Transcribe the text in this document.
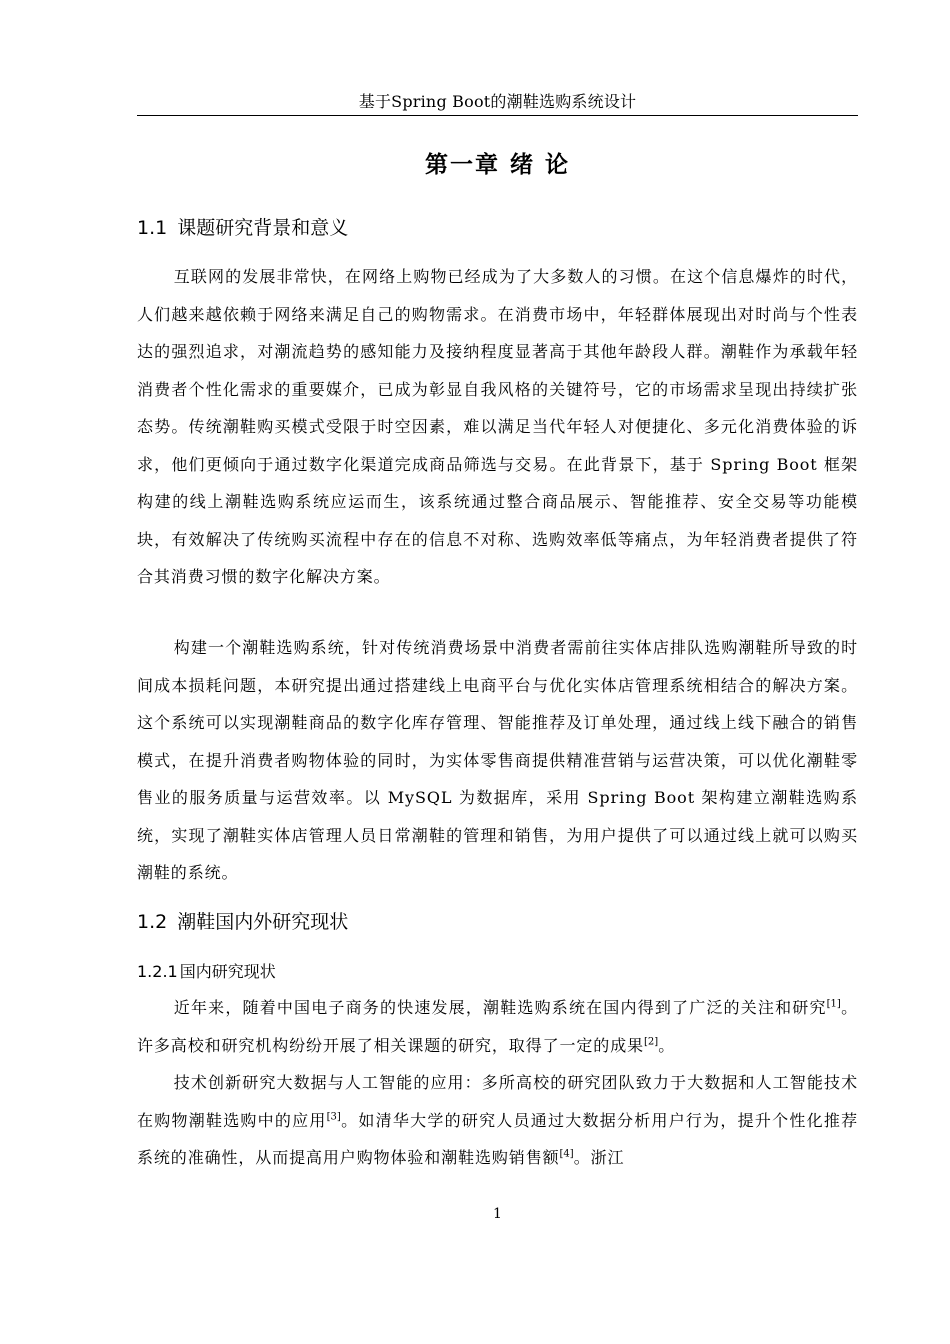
基于Spring Boot的潮鞋选购系统设计
第一章 绪 论
1.1 课题研究背景和意义

互联网的发展非常快，在网络上购物已经成为了大多数人的习惯。在这个信息爆炸的时代，人们越来越依赖于网络来满足自己的购物需求。在消费市场中，年轻群体展现出对时尚与个性表达的强烈追求，对潮流趋势的感知能力及接纳程度显著高于其他年龄段人群。潮鞋作为承载年轻消费者个性化需求的重要媒介，已成为彰显自我风格的关键符号，它的市场需求呈现出持续扩张态势。传统潮鞋购买模式受限于时空因素，难以满足当代年轻人对便捷化、多元化消费体验的诉求，他们更倾向于通过数字化渠道完成商品筛选与交易。在此背景下，基于 Spring Boot 框架构建的线上潮鞋选购系统应运而生，该系统通过整合商品展示、智能推荐、安全交易等功能模块，有效解决了传统购买流程中存在的信息不对称、选购效率低等痛点，为年轻消费者提供了符合其消费习惯的数字化解决方案。

构建一个潮鞋选购系统，针对传统消费场景中消费者需前往实体店排队选购潮鞋所导致的时间成本损耗问题，本研究提出通过搭建线上电商平台与优化实体店管理系统相结合的解决方案。这个系统可以实现潮鞋商品的数字化库存管理、智能推荐及订单处理，通过线上线下融合的销售模式，在提升消费者购物体验的同时，为实体零售商提供精准营销与运营决策，可以优化潮鞋零售业的服务质量与运营效率。以 MySQL 为数据库，采用 Spring Boot 架构建立潮鞋选购系统，实现了潮鞋实体店管理人员日常潮鞋的管理和销售，为用户提供了可以通过线上就可以购买潮鞋的系统。

1.2 潮鞋国内外研究现状
1.2.1 国内研究现状

近年来，随着中国电子商务的快速发展，潮鞋选购系统在国内得到了广泛的关注和研究[1]。许多高校和研究机构纷纷开展了相关课题的研究，取得了一定的成果[2]。

技术创新研究大数据与人工智能的应用：多所高校的研究团队致力于大数据和人工智能技术在购物潮鞋选购中的应用[3]。如清华大学的研究人员通过大数据分析用户行为，提升个性化推荐系统的准确性，从而提高用户购物体验和潮鞋选购销售额[4]。浙江

1
